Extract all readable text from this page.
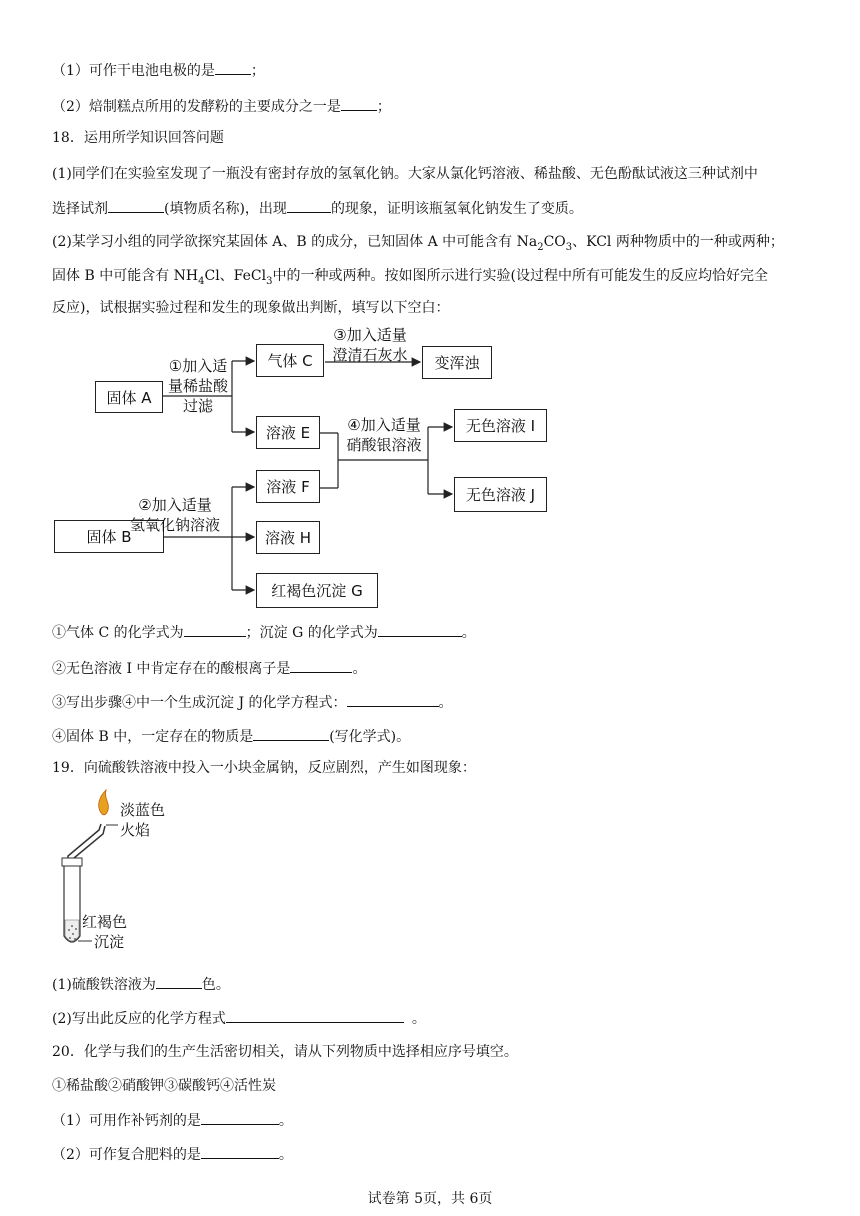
（1）可作干电池电极的是	；
（2）焙制糕点所用的发酵粉的主要成分之一是	；
18．运用所学知识回答问题
(1)同学们在实验室发现了一瓶没有密封存放的氢氧化钠。大家从氯化钙溶液、稀盐酸、无色酚酞试液这三种试剂中
选择试剂	(填物质名称)，出现	的现象，证明该瓶氢氧化钠发生了变质。
(2)某学习小组的同学欲探究某固体 A、B 的成分，已知固体 A 中可能含有 $Na_2CO_3$、KCl 两种物质中的一种或两种；
固体 B 中可能含有 $NH_4Cl$、FeCl$_3$中的一种或两种。按如图所示进行实验(设过程中所有可能发生的反应均恰好完全
反应)，试根据实验过程和发生的现象做出判断，填写以下空白：
固体 A
①加入适
量稀盐酸
过滤
气体 C
③加入适量
澄清石灰水	变浑浊
溶液 E	④加入适量
硝酸银溶液
无色溶液 I
无色溶液 J
溶液 F
固体 B
②加入适量
氢氧化钠溶液
溶液 H
红褐色沉淀 G
①气体 C 的化学式为	；沉淀 G 的化学式为	。
②无色溶液 I 中肯定存在的酸根离子是	。
③写出步骤④中一个生成沉淀 J 的化学方程式：	。
④固体 B 中，一定存在的物质是	(写化学式)。
19．向硫酸铁溶液中投入一小块金属钠，反应剧烈，产生如图现象：
淡蓝色
火焰
红褐色
沉淀
(1)硫酸铁溶液为	色。
(2)写出此反应的化学方程式	。
20．化学与我们的生产生活密切相关，请从下列物质中选择相应序号填空。
①稀盐酸②硝酸钾③碳酸钙④活性炭
（1）可用作补钙剂的是	。
（2）可作复合肥料的是	。
试卷第 5页，共 6页
